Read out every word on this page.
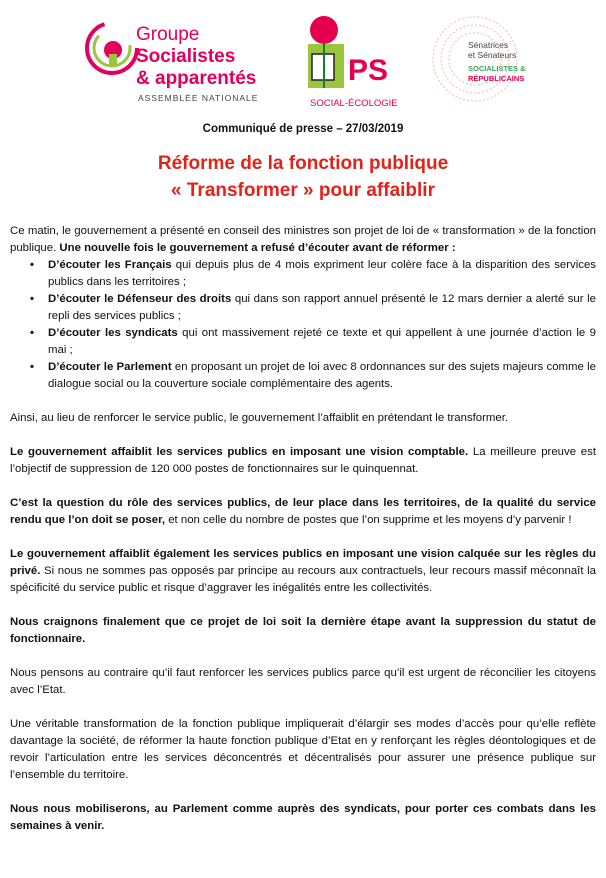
Groupe
Socialistes
& apparentés
ASSEMBLÉE NATIONALE
PS
SOCIAL-ÉCOLOGIE
Sénatrices
et Sénateurs
SOCIALISTES &
RÉPUBLICAINS
Communiqué de presse – 27/03/2019
Réforme de la fonction publique
« Transformer » pour affaiblir

Ce matin, le gouvernement a présenté en conseil des ministres son projet de loi de « transformation » de la fonction publique. Une nouvelle fois le gouvernement a refusé d’écouter avant de réformer :

• D’écouter les Français qui depuis plus de 4 mois expriment leur colère face à la disparition des services publics dans les territoires ;
• D’écouter le Défenseur des droits qui dans son rapport annuel présenté le 12 mars dernier a alerté sur le repli des services publics ;
• D’écouter les syndicats qui ont massivement rejeté ce texte et qui appellent à une journée d’action le 9 mai ;
• D’écouter le Parlement en proposant un projet de loi avec 8 ordonnances sur des sujets majeurs comme le dialogue social ou la couverture sociale complémentaire des agents.

Ainsi, au lieu de renforcer le service public, le gouvernement l’affaiblit en prétendant le transformer.

Le gouvernement affaiblit les services publics en imposant une vision comptable. La meilleure preuve est l’objectif de suppression de 120 000 postes de fonctionnaires sur le quinquennat.

C’est la question du rôle des services publics, de leur place dans les territoires, de la qualité du service rendu que l’on doit se poser, et non celle du nombre de postes que l’on supprime et les moyens d’y parvenir !

Le gouvernement affaiblit également les services publics en imposant une vision calquée sur les règles du privé. Si nous ne sommes pas opposés par principe au recours aux contractuels, leur recours massif méconnaît la spécificité du service public et risque d’aggraver les inégalités entre les collectivités.

Nous craignons finalement que ce projet de loi soit la dernière étape avant la suppression du statut de fonctionnaire.

Nous pensons au contraire qu’il faut renforcer les services publics parce qu’il est urgent de réconcilier les citoyens avec l’Etat.

Une véritable transformation de la fonction publique impliquerait d’élargir ses modes d’accès pour qu’elle reflète davantage la société, de réformer la haute fonction publique d’Etat en y renforçant les règles déontologiques et de revoir l’articulation entre les services déconcentrés et décentralisés pour assurer une présence publique sur l’ensemble du territoire.

Nous nous mobiliserons, au Parlement comme auprès des syndicats, pour porter ces combats dans les semaines à venir.
